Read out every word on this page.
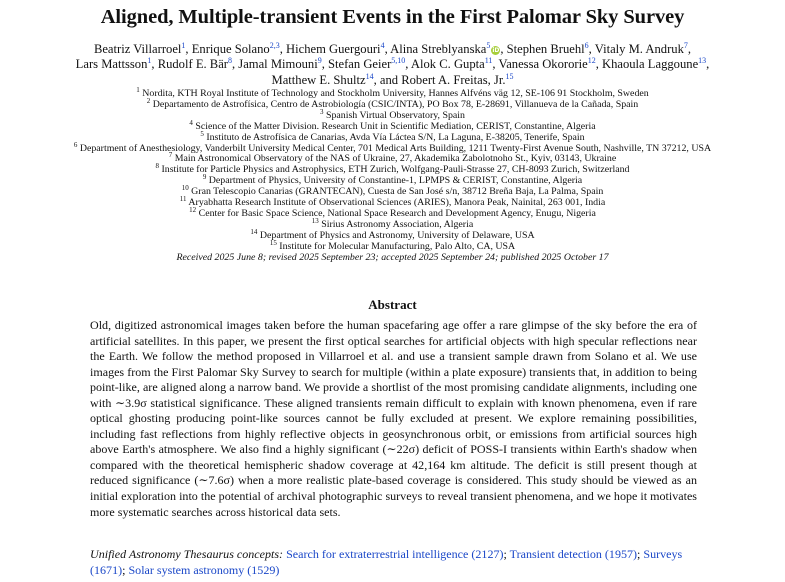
Aligned, Multiple-transient Events in the First Palomar Sky Survey
Beatriz Villarroel$^1$, Enrique Solano$^{2,3}$, Hichem Guergouri$^4$, Alina Streblyanska$^5$iD, Stephen Bruehl$^6$, Vitaly M. Andruk$^7$,
Lars Mattsson$^1$, Rudolf E. Bär$^8$, Jamal Mimouni$^9$, Stefan Geier$^{5,10}$, Alok C. Gupta$^{11}$, Vanessa Okororie$^{12}$, Khaoula Laggoune$^{13}$,
Matthew E. Shultz$^{14}$, and Robert A. Freitas, Jr.$^{15}$
$^1$ Nordita, KTH Royal Institute of Technology and Stockholm University, Hannes Alfvéns väg 12, SE-106 91 Stockholm, Sweden
$^2$ Departamento de Astrofísica, Centro de Astrobiología (CSIC/INTA), PO Box 78, E-28691, Villanueva de la Cañada, Spain
$^3$ Spanish Virtual Observatory, Spain
$^4$ Science of the Matter Division. Research Unit in Scientific Mediation, CERIST, Constantine, Algeria
$^5$ Instituto de Astrofísica de Canarias, Avda Vía Láctea S/N, La Laguna, E-38205, Tenerife, Spain
$^6$ Department of Anesthesiology, Vanderbilt University Medical Center, 701 Medical Arts Building, 1211 Twenty-First Avenue South, Nashville, TN 37212, USA
$^7$ Main Astronomical Observatory of the NAS of Ukraine, 27, Akademika Zabolotnoho St., Kyiv, 03143, Ukraine
$^8$ Institute for Particle Physics and Astrophysics, ETH Zurich, Wolfgang-Pauli-Strasse 27, CH-8093 Zurich, Switzerland
$^9$ Department of Physics, University of Constantine-1, LPMPS & CERIST, Constantine, Algeria
$^{10}$ Gran Telescopio Canarias (GRANTECAN), Cuesta de San José s/n, 38712 Breña Baja, La Palma, Spain
$^{11}$ Aryabhatta Research Institute of Observational Sciences (ARIES), Manora Peak, Nainital, 263 001, India
$^{12}$ Center for Basic Space Science, National Space Research and Development Agency, Enugu, Nigeria
$^{13}$ Sirius Astronomy Association, Algeria
$^{14}$ Department of Physics and Astronomy, University of Delaware, USA
$^{15}$ Institute for Molecular Manufacturing, Palo Alto, CA, USA
Received 2025 June 8; revised 2025 September 23; accepted 2025 September 24; published 2025 October 17
Abstract
Old, digitized astronomical images taken before the human spacefaring age offer a rare glimpse of the sky before the era of artificial satellites. In this paper, we present the first optical searches for artificial objects with high specular reflections near the Earth. We follow the method proposed in Villarroel et al. and use a transient sample drawn from Solano et al. We use images from the First Palomar Sky Survey to search for multiple (within a plate exposure) transients that, in addition to being point-like, are aligned along a narrow band. We provide a shortlist of the most promising candidate alignments, including one with ∼3.9σ statistical significance. These aligned transients remain difficult to explain with known phenomena, even if rare optical ghosting producing point-like sources cannot be fully excluded at present. We explore remaining possibilities, including fast reflections from highly reflective objects in geosynchronous orbit, or emissions from artificial sources high above Earth's atmosphere. We also find a highly significant (∼22σ) deficit of POSS-I transients within Earth's shadow when compared with the theoretical hemispheric shadow coverage at 42,164 km altitude. The deficit is still present though at reduced significance (∼7.6σ) when a more realistic plate-based coverage is considered. This study should be viewed as an initial exploration into the potential of archival photographic surveys to reveal transient phenomena, and we hope it motivates more systematic searches across historical data sets.
Unified Astronomy Thesaurus concepts: Search for extraterrestrial intelligence (2127); Transient detection (1957); Surveys (1671); Solar system astronomy (1529)
